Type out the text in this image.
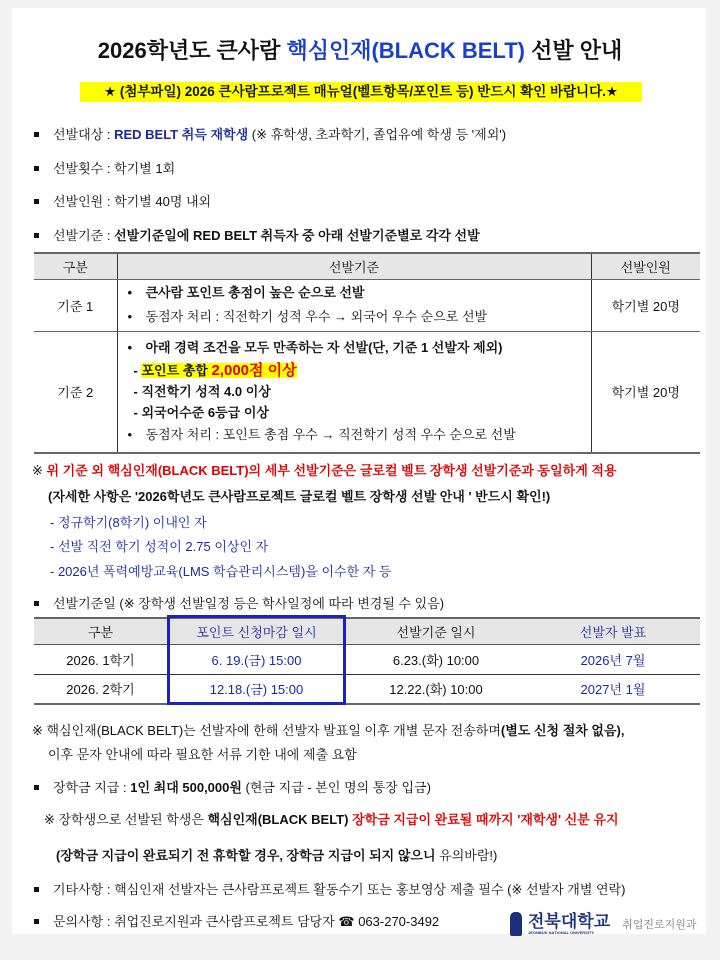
2026학년도 큰사람 핵심인재(BLACK BELT) 선발 안내
★ (첨부파일) 2026 큰사람프로젝트 매뉴얼(벨트항목/포인트 등) 반드시 확인 바랍니다.★
선발대상 : RED BELT 취득 재학생 (※ 휴학생, 초과학기, 졸업유예 학생 등 '제외')
선발횟수 : 학기별 1회
선발인원 : 학기별 40명 내외
선발기준 : 선발기준일에 RED BELT 취득자 중 아래 선발기준별로 각각 선발
구분	선발기준	선발인원
기준 1	• 큰사람 포인트 총점이 높은 순으로 선발
• 동점자 처리 : 직전학기 성적 우수 → 외국어 우수 순으로 선발	학기별 20명
기준 2	• 아래 경력 조건을 모두 만족하는 자 선발(단, 기준 1 선발자 제외)
- 포인트 총합 2,000점 이상
- 직전학기 성적 4.0 이상
- 외국어수준 6등급 이상
• 동점자 처리 : 포인트 총점 우수 → 직전학기 성적 우수 순으로 선발	학기별 20명
※ 위 기준 외 핵심인재(BLACK BELT)의 세부 선발기준은 글로컬 벨트 장학생 선발기준과 동일하게 적용
(자세한 사항은 '2026학년도 큰사람프로젝트 글로컬 벨트 장학생 선발 안내 ' 반드시 확인!)
- 정규학기(8학기) 이내인 자
- 선발 직전 학기 성적이 2.75 이상인 자
- 2026년 폭력예방교육(LMS 학습관리시스템)을 이수한 자 등
선발기준일 (※ 장학생 선발일정 등은 학사일정에 따라 변경될 수 있음)
구분	포인트 신청마감 일시	선발기준 일시	선발자 발표
2026. 1학기	6. 19.(금) 15:00	6.23.(화) 10:00	2026년 7월
2026. 2학기	12.18.(금) 15:00	12.22.(화) 10:00	2027년 1월
※ 핵심인재(BLACK BELT)는 선발자에 한해 선발자 발표일 이후 개별 문자 전송하며(별도 신청 절차 없음),
이후 문자 안내에 따라 필요한 서류 기한 내에 제출 요함
장학금 지급 : 1인 최대 500,000원 (현금 지급 - 본인 명의 통장 입금)
※ 장학생으로 선발된 학생은 핵심인재(BLACK BELT) 장학금 지급이 완료될 때까지 '재학생' 신분 유지
(장학금 지급이 완료되기 전 휴학할 경우, 장학금 지급이 되지 않으니 유의바람!)
기타사항 : 핵심인재 선발자는 큰사람프로젝트 활동수기 또는 홍보영상 제출 필수 (※ 선발자 개별 연락)
문의사항 : 취업진로지원과 큰사람프로젝트 담당자 ☎ 063-270-3492	전북대학교
JEONBUK NATIONAL UNIVERSITY
취업진로지원과
